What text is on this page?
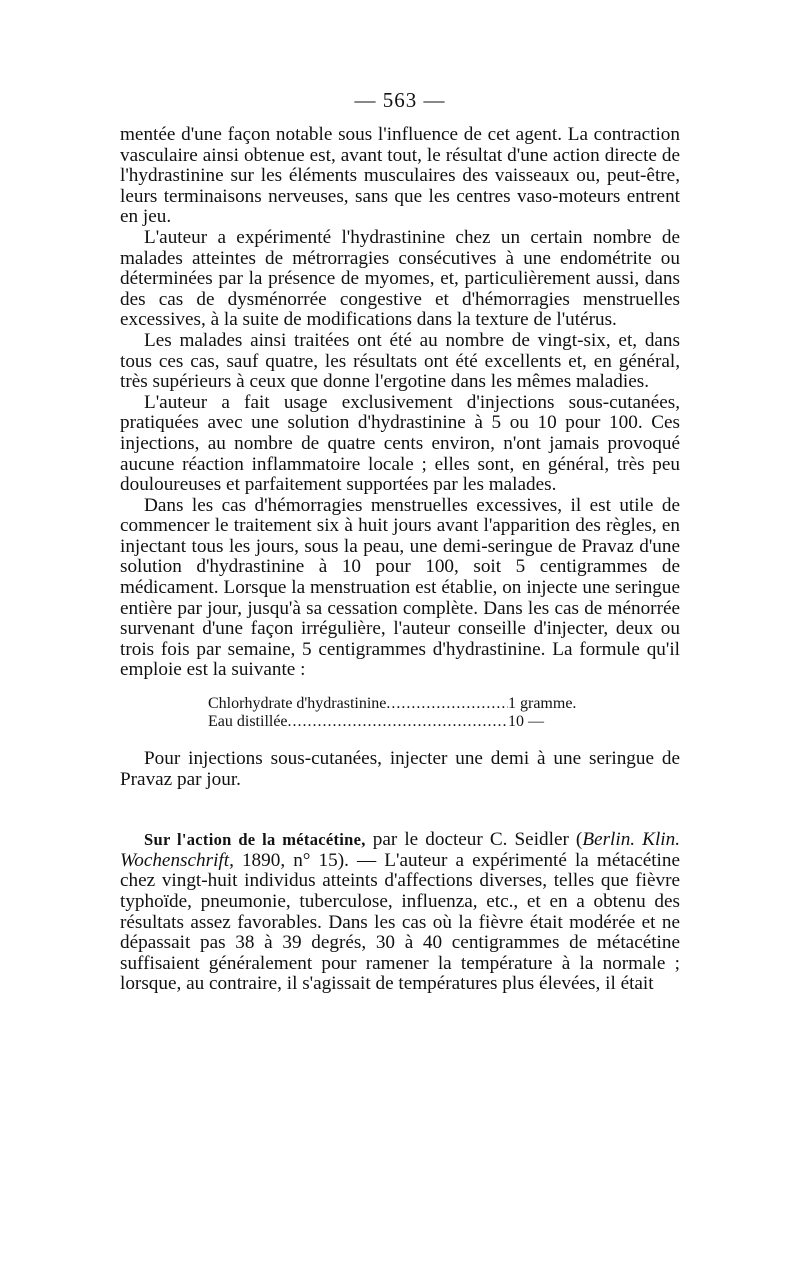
— 563 —

mentée d'une façon notable sous l'influence de cet agent. La contraction vasculaire ainsi obtenue est, avant tout, le résultat d'une action directe de l'hydrastinine sur les éléments musculaires des vaisseaux ou, peut-être, leurs terminaisons nerveuses, sans que les centres vaso-moteurs entrent en jeu.

L'auteur a expérimenté l'hydrastinine chez un certain nombre de malades atteintes de métrorragies consécutives à une endométrite ou déterminées par la présence de myomes, et, particulièrement aussi, dans des cas de dysménorrée congestive et d'hémorragies menstruelles excessives, à la suite de modifications dans la texture de l'utérus.

Les malades ainsi traitées ont été au nombre de vingt-six, et, dans tous ces cas, sauf quatre, les résultats ont été excellents et, en général, très supérieurs à ceux que donne l'ergotine dans les mêmes maladies.

L'auteur a fait usage exclusivement d'injections sous-cutanées, pratiquées avec une solution d'hydrastinine à 5 ou 10 pour 100. Ces injections, au nombre de quatre cents environ, n'ont jamais provoqué aucune réaction inflammatoire locale ; elles sont, en général, très peu douloureuses et parfaitement supportées par les malades.

Dans les cas d'hémorragies menstruelles excessives, il est utile de commencer le traitement six à huit jours avant l'apparition des règles, en injectant tous les jours, sous la peau, une demi-seringue de Pravaz d'une solution d'hydrastinine à 10 pour 100, soit 5 centigrammes de médicament. Lorsque la menstruation est établie, on injecte une seringue entière par jour, jusqu'à sa cessation complète. Dans les cas de ménorrée survenant d'une façon irrégulière, l'auteur conseille d'injecter, deux ou trois fois par semaine, 5 centigrammes d'hydrastinine. La formule qu'il emploie est la suivante :

Chlorhydrate d'hydrastinine .....	1 gramme.
Eau distillée .....	10 —

Pour injections sous-cutanées, injecter une demi à une seringue de Pravaz par jour.

Sur l'action de la métacétine, par le docteur C. Seidler (Berlin. Klin. Wochenschrift, 1890, n° 15). — L'auteur a expérimenté la métacétine chez vingt-huit individus atteints d'affections diverses, telles que fièvre typhoïde, pneumonie, tuberculose, influenza, etc., et en a obtenu des résultats assez favorables. Dans les cas où la fièvre était modérée et ne dépassait pas 38 à 39 degrés, 30 à 40 centigrammes de métacétine suffisaient généralement pour ramener la température à la normale ; lorsque, au contraire, il s'agissait de températures plus élevées, il était
